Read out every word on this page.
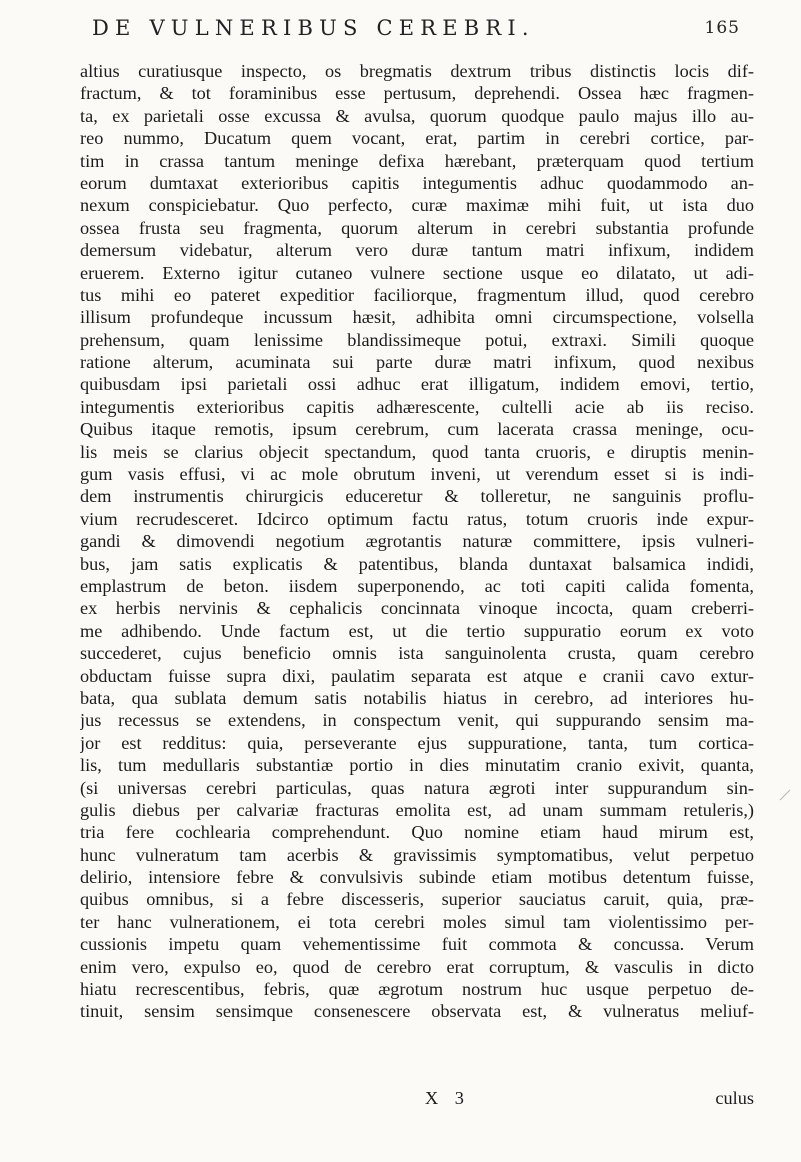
DE VULNERIBUS CEREBRI.	165
altius curatiusque inspecto, os bregmatis dextrum tribus distinctis locis dif-
fractum, & tot foraminibus esse pertusum, deprehendi. Ossea hæc fragmen-
ta, ex parietali osse excussa & avulsa, quorum quodque paulo majus illo au-
reo nummo, Ducatum quem vocant, erat, partim in cerebri cortice, par-
tim in crassa tantum meninge defixa hærebant, præterquam quod tertium
eorum dumtaxat exterioribus capitis integumentis adhuc quodammodo an-
nexum conspiciebatur. Quo perfecto, curæ maximæ mihi fuit, ut ista duo
ossea frusta seu fragmenta, quorum alterum in cerebri substantia profunde
demersum videbatur, alterum vero duræ tantum matri infixum, indidem
eruerem. Externo igitur cutaneo vulnere sectione usque eo dilatato, ut adi-
tus mihi eo pateret expeditior faciliorque, fragmentum illud, quod cerebro
illisum profundeque incussum hæsit, adhibita omni circumspectione, volsella
prehensum, quam lenissime blandissimeque potui, extraxi. Simili quoque
ratione alterum, acuminata sui parte duræ matri infixum, quod nexibus
quibusdam ipsi parietali ossi adhuc erat illigatum, indidem emovi, tertio,
integumentis exterioribus capitis adhærescente, cultelli acie ab iis reciso.
Quibus itaque remotis, ipsum cerebrum, cum lacerata crassa meninge, ocu-
lis meis se clarius objecit spectandum, quod tanta cruoris, e diruptis menin-
gum vasis effusi, vi ac mole obrutum inveni, ut verendum esset si is indi-
dem instrumentis chirurgicis educeretur & tolleretur, ne sanguinis proflu-
vium recrudesceret. Idcirco optimum factu ratus, totum cruoris inde expur-
gandi & dimovendi negotium ægrotantis naturæ committere, ipsis vulneri-
bus, jam satis explicatis & patentibus, blanda duntaxat balsamica indidi,
emplastrum de beton. iisdem superponendo, ac toti capiti calida fomenta,
ex herbis nervinis & cephalicis concinnata vinoque incocta, quam creberri-
me adhibendo. Unde factum est, ut die tertio suppuratio eorum ex voto
succederet, cujus beneficio omnis ista sanguinolenta crusta, quam cerebro
obductam fuisse supra dixi, paulatim separata est atque e cranii cavo extur-
bata, qua sublata demum satis notabilis hiatus in cerebro, ad interiores hu-
jus recessus se extendens, in conspectum venit, qui suppurando sensim ma-
jor est redditus: quia, perseverante ejus suppuratione, tanta, tum cortica-
lis, tum medullaris substantiæ portio in dies minutatim cranio exivit, quanta,
(si universas cerebri particulas, quas natura ægroti inter suppurandum sin-
gulis diebus per calvariæ fracturas emolita est, ad unam summam retuleris,)
tria fere cochlearia comprehendunt. Quo nomine etiam haud mirum est,
hunc vulneratum tam acerbis & gravissimis symptomatibus, velut perpetuo
delirio, intensiore febre & convulsivis subinde etiam motibus detentum fuisse,
quibus omnibus, si a febre discesseris, superior sauciatus caruit, quia, præ-
ter hanc vulnerationem, ei tota cerebri moles simul tam violentissimo per-
cussionis impetu quam vehementissime fuit commota & concussa. Verum
enim vero, expulso eo, quod de cerebro erat corruptum, & vasculis in dicto
hiatu recrescentibus, febris, quæ ægrotum nostrum huc usque perpetuo de-
tinuit, sensim sensimque consenescere observata est, & vulneratus meliuf-
X 3	culus
